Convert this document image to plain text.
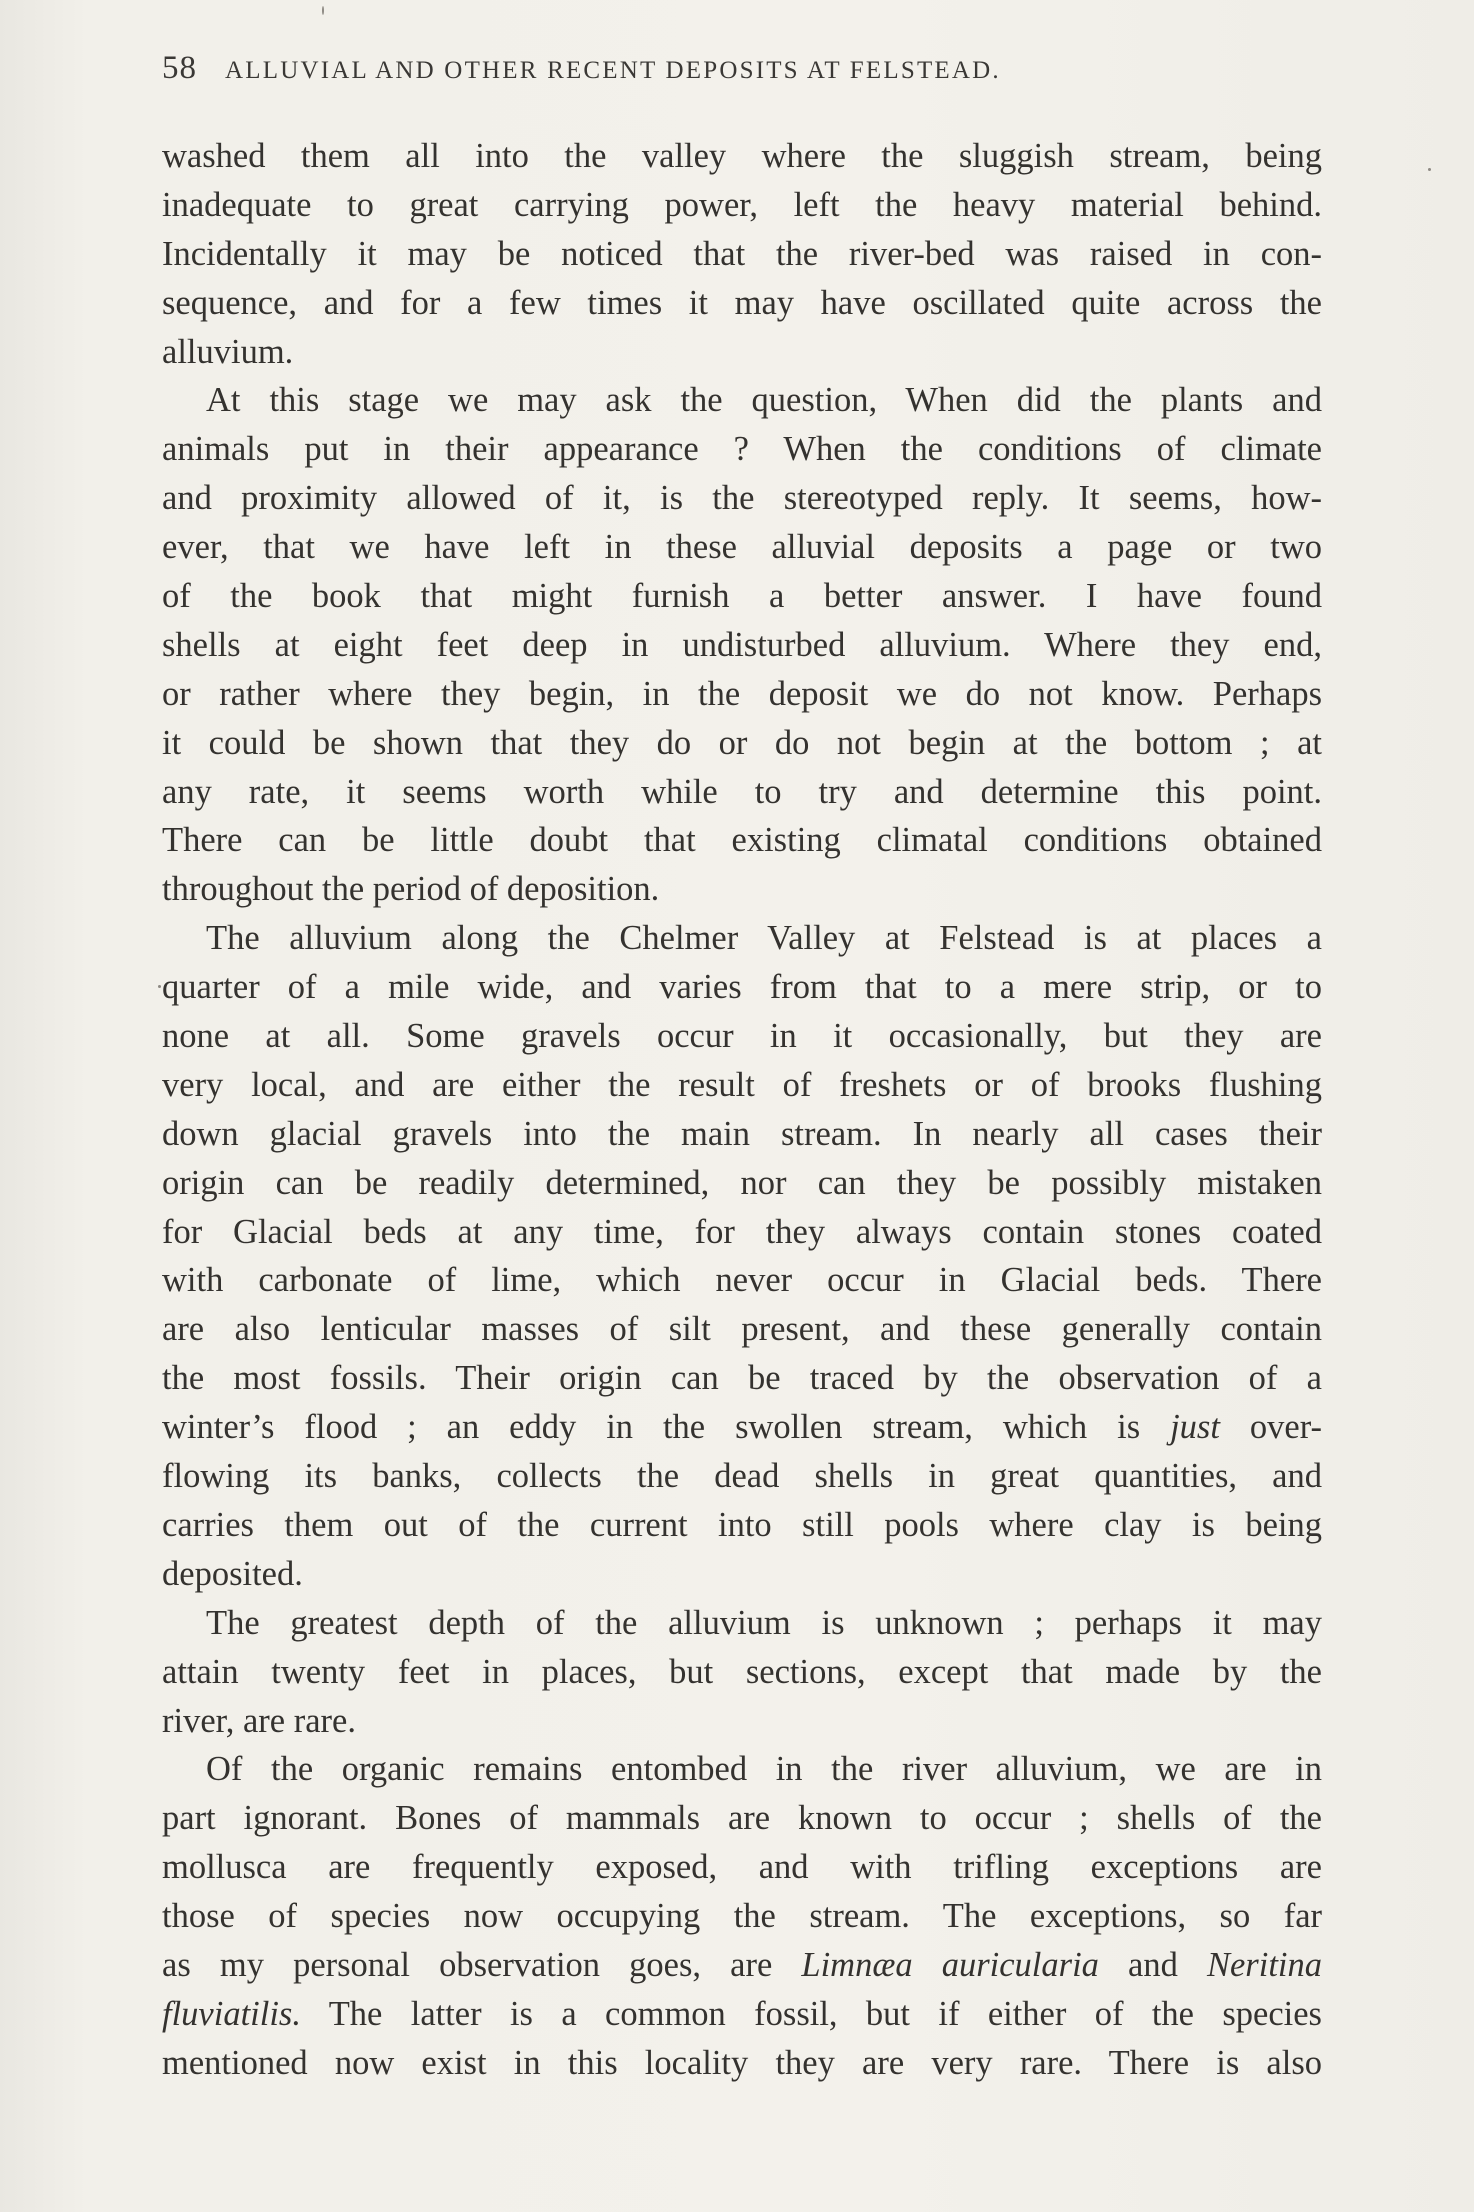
58 ALLUVIAL AND OTHER RECENT DEPOSITS AT FELSTEAD.
washed them all into the valley where the sluggish stream, being
inadequate to great carrying power, left the heavy material behind.
Incidentally it may be noticed that the river-bed was raised in con-
sequence, and for a few times it may have oscillated quite across the
alluvium.
At this stage we may ask the question, When did the plants and
animals put in their appearance ? When the conditions of climate
and proximity allowed of it, is the stereotyped reply. It seems, how-
ever, that we have left in these alluvial deposits a page or two
of the book that might furnish a better answer. I have found
shells at eight feet deep in undisturbed alluvium. Where they end,
or rather where they begin, in the deposit we do not know. Perhaps
it could be shown that they do or do not begin at the bottom ; at
any rate, it seems worth while to try and determine this point.
There can be little doubt that existing climatal conditions obtained
throughout the period of deposition.
The alluvium along the Chelmer Valley at Felstead is at places a
quarter of a mile wide, and varies from that to a mere strip, or to
none at all. Some gravels occur in it occasionally, but they are
very local, and are either the result of freshets or of brooks flushing
down glacial gravels into the main stream. In nearly all cases their
origin can be readily determined, nor can they be possibly mistaken
for Glacial beds at any time, for they always contain stones coated
with carbonate of lime, which never occur in Glacial beds. There
are also lenticular masses of silt present, and these generally contain
the most fossils. Their origin can be traced by the observation of a
winter’s flood ; an eddy in the swollen stream, which is just over-
flowing its banks, collects the dead shells in great quantities, and
carries them out of the current into still pools where clay is being
deposited.
The greatest depth of the alluvium is unknown ; perhaps it may
attain twenty feet in places, but sections, except that made by the
river, are rare.
Of the organic remains entombed in the river alluvium, we are in
part ignorant. Bones of mammals are known to occur ; shells of the
mollusca are frequently exposed, and with trifling exceptions are
those of species now occupying the stream. The exceptions, so far
as my personal observation goes, are Limnæa auricularia and Neritina
fluviatilis. The latter is a common fossil, but if either of the species
mentioned now exist in this locality they are very rare. There is also
